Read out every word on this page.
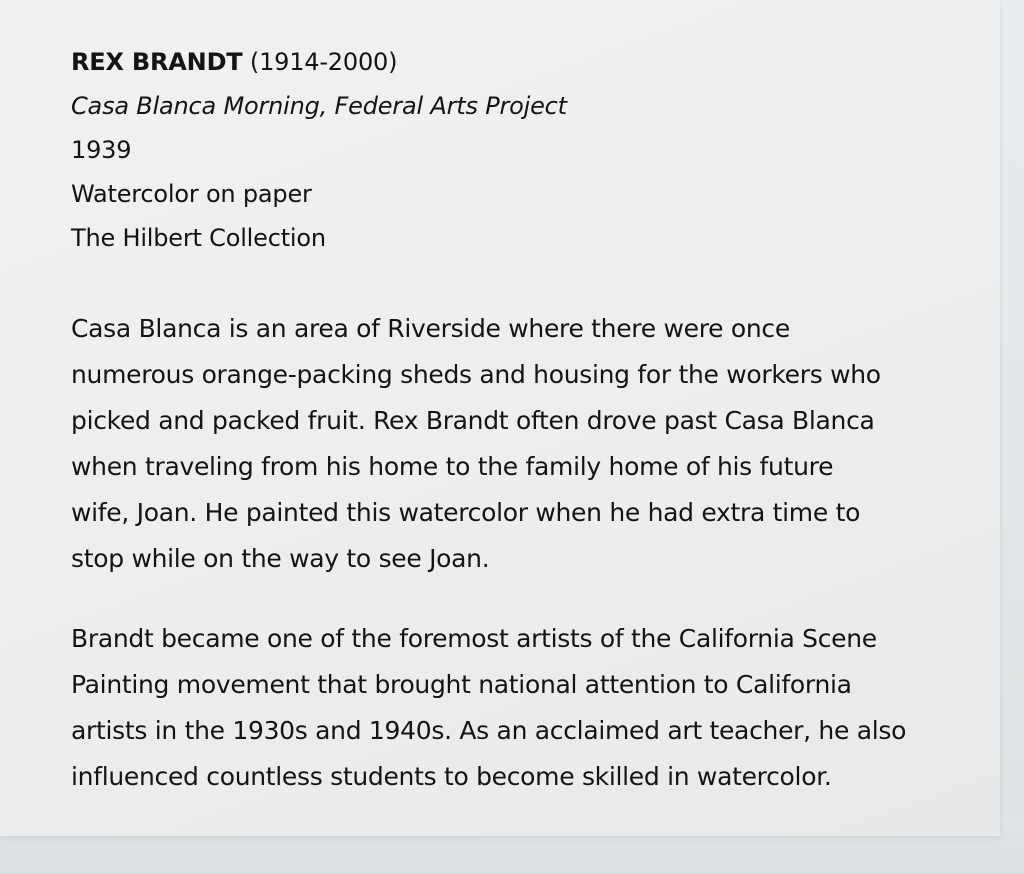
REX BRANDT (1914-2000)
Casa Blanca Morning, Federal Arts Project
1939
Watercolor on paper
The Hilbert Collection
Casa Blanca is an area of Riverside where there were once
numerous orange-packing sheds and housing for the workers who
picked and packed fruit. Rex Brandt often drove past Casa Blanca
when traveling from his home to the family home of his future
wife, Joan. He painted this watercolor when he had extra time to
stop while on the way to see Joan.
Brandt became one of the foremost artists of the California Scene
Painting movement that brought national attention to California
artists in the 1930s and 1940s. As an acclaimed art teacher, he also
influenced countless students to become skilled in watercolor.
